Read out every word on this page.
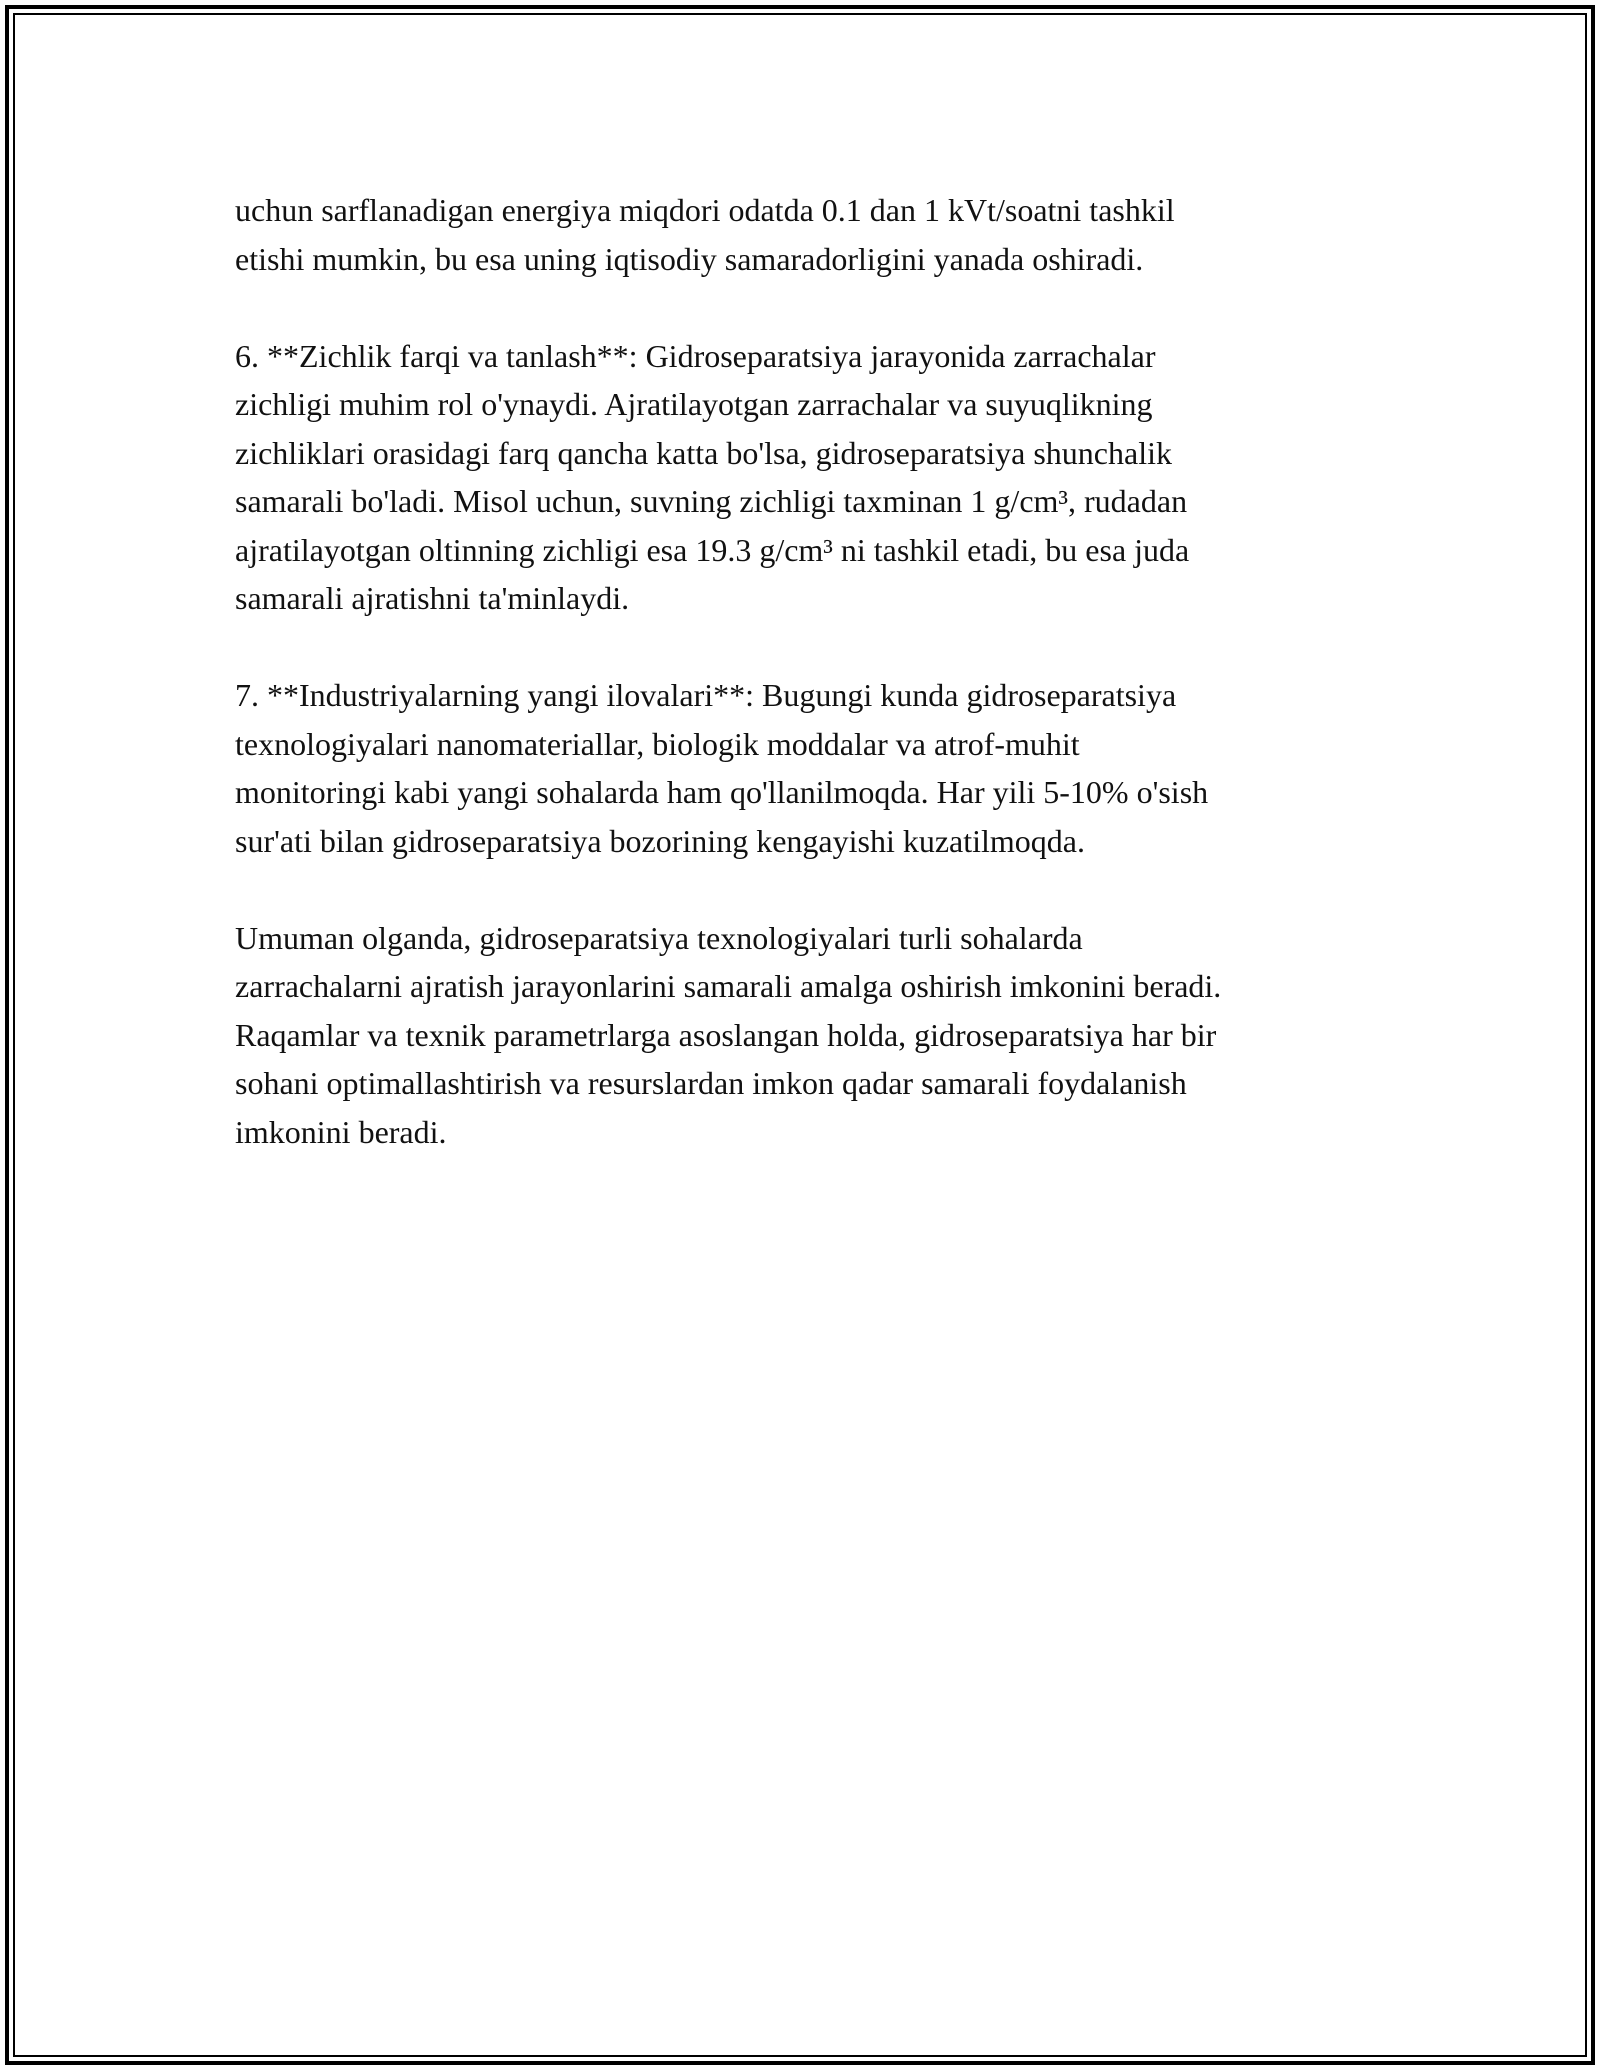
uchun sarflanadigan energiya miqdori odatda 0.1 dan 1 kVt/soatni tashkil
etishi mumkin, bu esa uning iqtisodiy samaradorligini yanada oshiradi.

6. **Zichlik farqi va tanlash**: Gidroseparatsiya jarayonida zarrachalar
zichligi muhim rol o'ynaydi. Ajratilayotgan zarrachalar va suyuqlikning
zichliklari orasidagi farq qancha katta bo'lsa, gidroseparatsiya shunchalik
samarali bo'ladi. Misol uchun, suvning zichligi taxminan 1 g/cm³, rudadan
ajratilayotgan oltinning zichligi esa 19.3 g/cm³ ni tashkil etadi, bu esa juda
samarali ajratishni ta'minlaydi.

7. **Industriyalarning yangi ilovalari**: Bugungi kunda gidroseparatsiya
texnologiyalari nanomateriallar, biologik moddalar va atrof-muhit
monitoringi kabi yangi sohalarda ham qo'llanilmoqda. Har yili 5-10% o'sish
sur'ati bilan gidroseparatsiya bozorining kengayishi kuzatilmoqda.

Umuman olganda, gidroseparatsiya texnologiyalari turli sohalarda
zarrachalarni ajratish jarayonlarini samarali amalga oshirish imkonini beradi.
Raqamlar va texnik parametrlarga asoslangan holda, gidroseparatsiya har bir
sohani optimallashtirish va resurslardan imkon qadar samarali foydalanish
imkonini beradi.
